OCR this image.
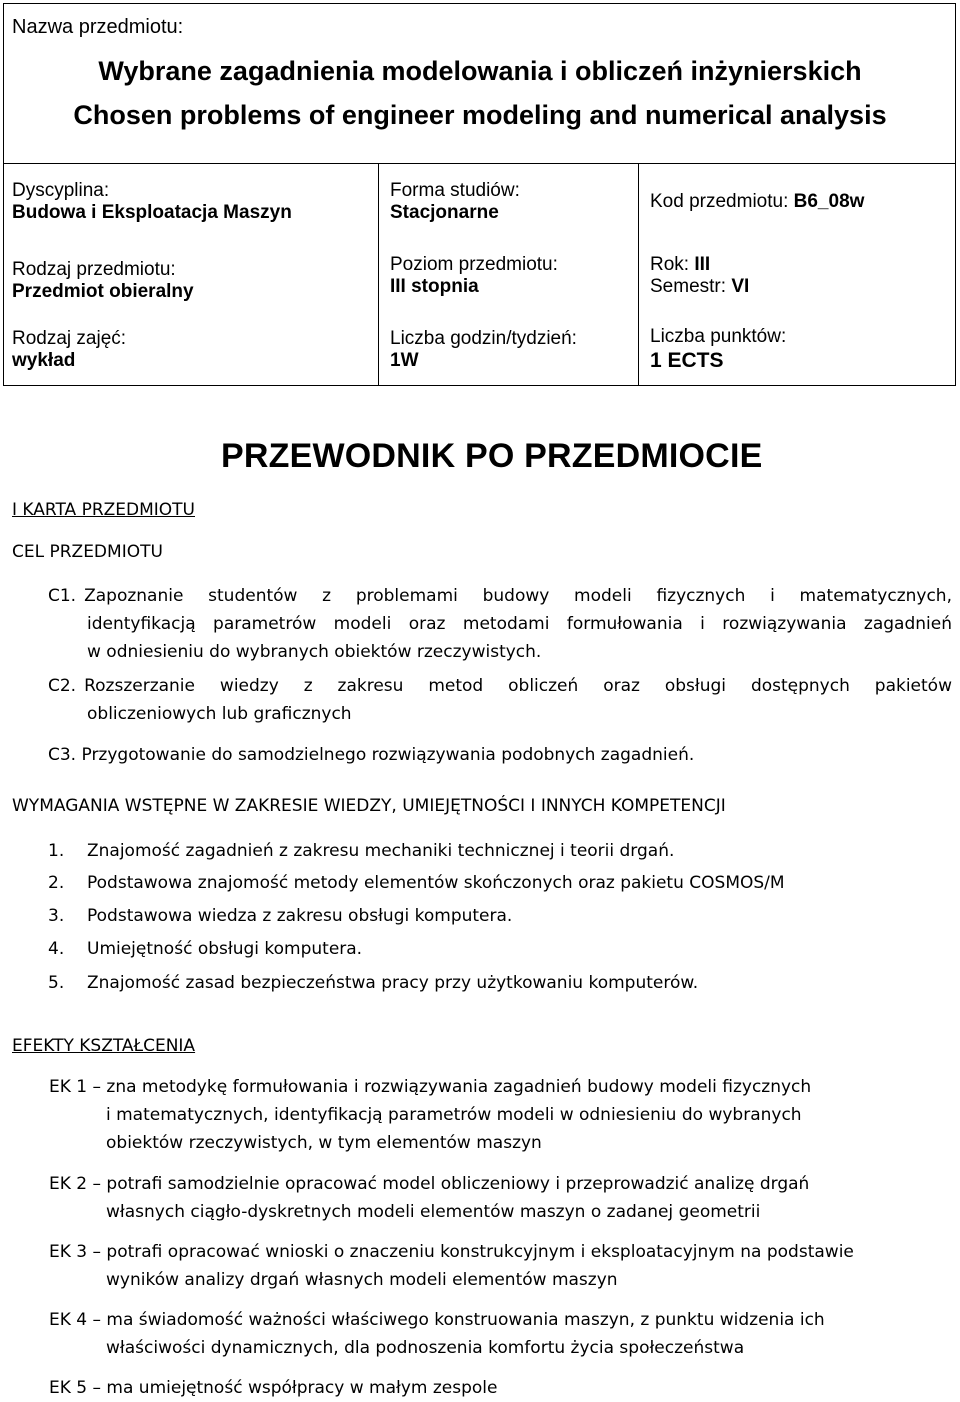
Nazwa przedmiotu:
Wybrane zagadnienia modelowania i obliczeń inżynierskich
Chosen problems of engineer modeling and numerical analysis
Dyscyplina:
Budowa i Eksploatacja Maszyn
Forma studiów:
Stacjonarne
Kod przedmiotu: B6_08w
Rodzaj przedmiotu:
Przedmiot obieralny
Poziom przedmiotu:
III stopnia
Rok: III
Semestr: VI
Rodzaj zajęć:
wykład
Liczba godzin/tydzień:
1W
Liczba punktów:
1 ECTS
PRZEWODNIK PO PRZEDMIOCIE
I KARTA PRZEDMIOTU
CEL PRZEDMIOTU
C1. Zapoznanie studentów z problemami budowy modeli fizycznych i matematycznych,
identyfikacją parametrów modeli oraz metodami formułowania i rozwiązywania zagadnień
w odniesieniu do wybranych obiektów rzeczywistych.
C2. Rozszerzanie wiedzy z zakresu metod obliczeń oraz obsługi dostępnych pakietów
obliczeniowych lub graficznych
C3. Przygotowanie do samodzielnego rozwiązywania podobnych zagadnień.
WYMAGANIA WSTĘPNE W ZAKRESIE WIEDZY, UMIEJĘTNOŚCI I INNYCH KOMPETENCJI
1. Znajomość zagadnień z zakresu mechaniki technicznej i teorii drgań.
2. Podstawowa znajomość metody elementów skończonych oraz pakietu COSMOS/M
3. Podstawowa wiedza z zakresu obsługi komputera.
4. Umiejętność obsługi komputera.
5. Znajomość zasad bezpieczeństwa pracy przy użytkowaniu komputerów.
EFEKTY KSZTAŁCENIA
EK 1 – zna metodykę formułowania i rozwiązywania zagadnień budowy modeli fizycznych
i matematycznych, identyfikacją parametrów modeli w odniesieniu do wybranych
obiektów rzeczywistych, w tym elementów maszyn
EK 2 – potrafi samodzielnie opracować model obliczeniowy i przeprowadzić analizę drgań
własnych ciągło-dyskretnych modeli elementów maszyn o zadanej geometrii
EK 3 – potrafi opracować wnioski o znaczeniu konstrukcyjnym i eksploatacyjnym na podstawie
wyników analizy drgań własnych modeli elementów maszyn
EK 4 – ma świadomość ważności właściwego konstruowania maszyn, z punktu widzenia ich
właściwości dynamicznych, dla podnoszenia komfortu życia społeczeństwa
EK 5 – ma umiejętność współpracy w małym zespole
